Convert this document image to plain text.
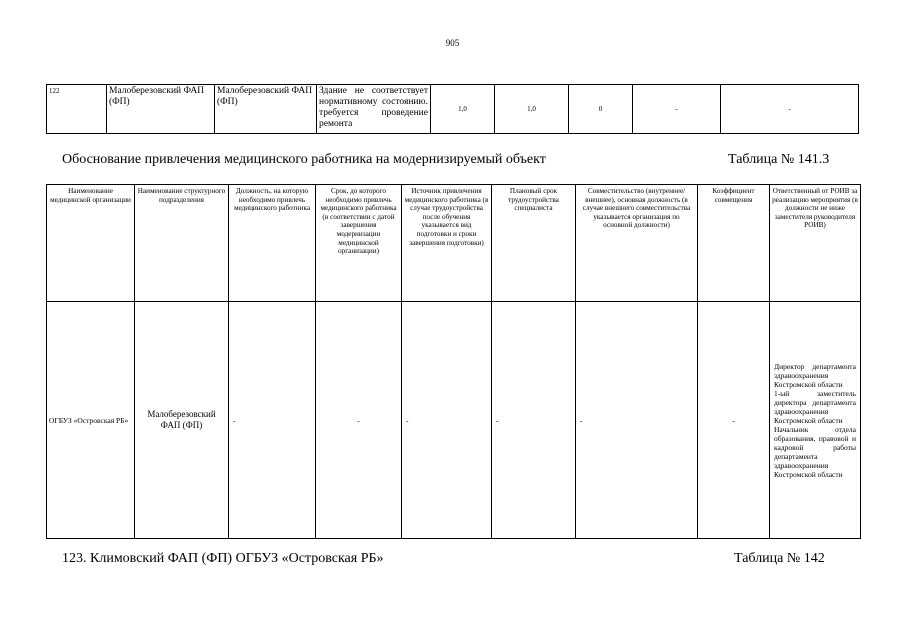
905
122	Малоберезовский ФАП (ФП)	Малоберезовский ФАП (ФП)	Здание не соответствует нормативному состоянию. требуется проведение ремонта	1,0	1,0	0	-	-
Обоснование привлечения медицинского работника на модернизируемый объект	Таблица № 141.3
Наименование медицинской организации	Наименование структурного подразделения	Должность, на которую необходимо привлечь медицинского работника	Срок, до которого необходимо привлечь медицинского работника (в соответствии с датой завершения модернизации медицинской организации)	Источник привлечения медицинского работника (в случае трудоустройства после обучения указывается вид подготовки и сроки завершения подготовки)	Плановый срок трудоустройства специалиста	Совместительство (внутреннее/внешнее), основная должность (в случае внешнего совместительства указывается организация по основной должности)	Коэффициент совмещения	Ответственный от РОИВ за реализацию мероприятия (в должности не ниже заместителя руководителя РОИВ)
ОГБУЗ «Островская РБ»	Малоберезовский ФАП (ФП)	-	-	-	-	-	-	Директор департамента здравоохранения Костромской области
1-ый заместитель директора департамента здравоохранения Костромской области
Начальник отдела образования, правовой и кадровой работы департамента здравоохранения Костромской области
123. Климовский ФАП (ФП) ОГБУЗ «Островская РБ»	Таблица № 142
